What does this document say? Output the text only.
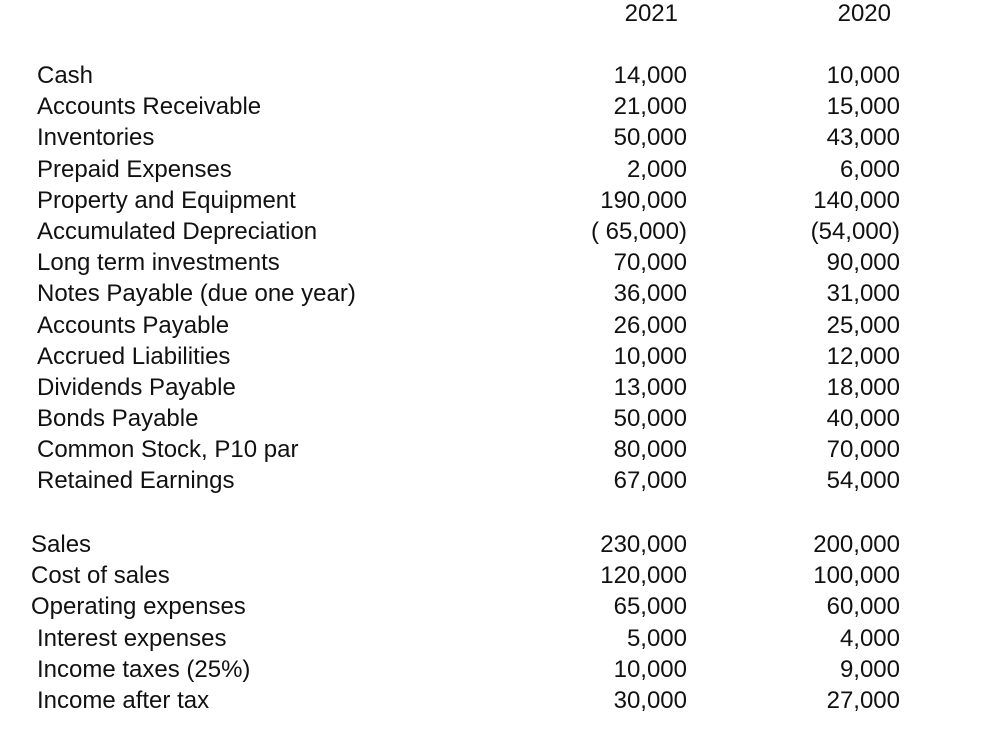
2021	2020
Cash	14,000	10,000
Accounts Receivable	21,000	15,000
Inventories	50,000	43,000
Prepaid Expenses	2,000	6,000
Property and Equipment	190,000	140,000
Accumulated Depreciation	( 65,000)	(54,000)
Long term investments	70,000	90,000
Notes Payable (due one year)	36,000	31,000
Accounts Payable	26,000	25,000
Accrued Liabilities	10,000	12,000
Dividends Payable	13,000	18,000
Bonds Payable	50,000	40,000
Common Stock, P10 par	80,000	70,000
Retained Earnings	67,000	54,000
Sales	230,000	200,000
Cost of sales	120,000	100,000
Operating expenses	65,000	60,000
Interest expenses	5,000	4,000
Income taxes (25%)	10,000	9,000
Income after tax	30,000	27,000
